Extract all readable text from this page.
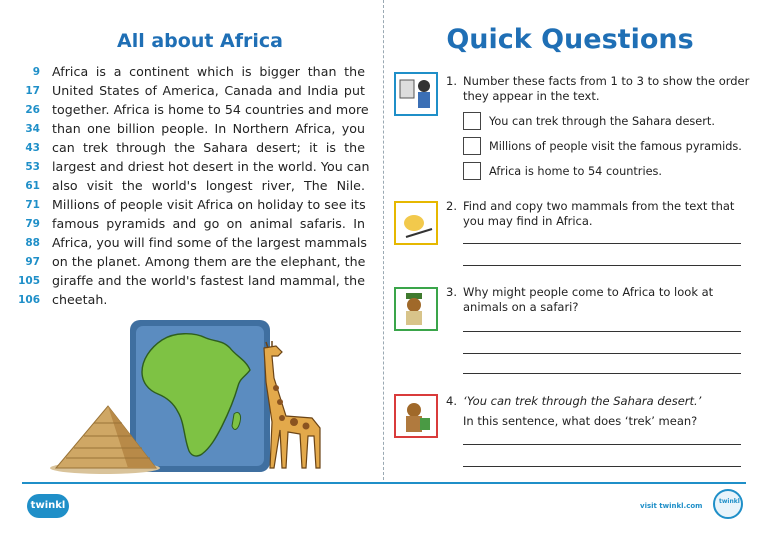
All about Africa
9 Africa is a continent which is bigger than the
17 United States of America, Canada and India put
26 together. Africa is home to 54 countries and more
34 than one billion people. In Northern Africa, you
43 can trek through the Sahara desert; it is the
53 largest and driest hot desert in the world. You can
61 also visit the world's longest river, The Nile.
71 Millions of people visit Africa on holiday to see its
79 famous pyramids and go on animal safaris. In
88 Africa, you will find some of the largest mammals
97 on the planet. Among them are the elephant, the
105 giraffe and the world's fastest land mammal, the
106 cheetah.
Quick Questions
1. Number these facts from 1 to 3 to show the order they appear in the text.
You can trek through the Sahara desert.
Millions of people visit the famous pyramids.
Africa is home to 54 countries.
2. Find and copy two mammals from the text that you may find in Africa.
3. Why might people come to Africa to look at animals on a safari?
4. ‘You can trek through the Sahara desert.’
In this sentence, what does ‘trek’ mean?
twinkl	visit twinkl.com
twinkl
